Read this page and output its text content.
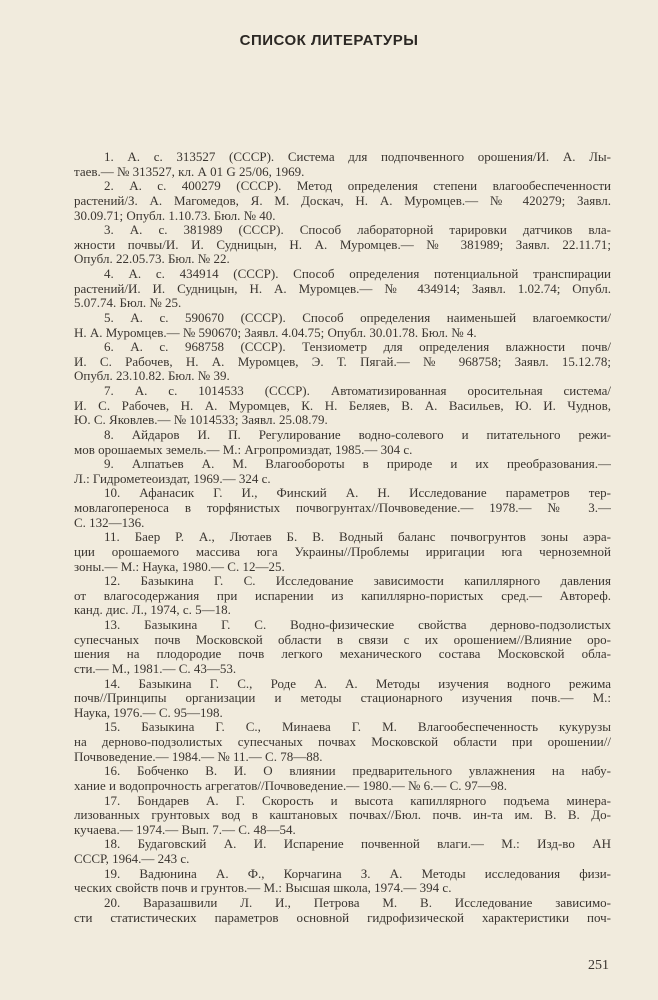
СПИСОК ЛИТЕРАТУРЫ
1. А. с. 313527 (СССР). Система для подпочвенного орошения/И. А. Лы-
таев.— № 313527, кл. А 01 G 25/06, 1969.
2. А. с. 400279 (СССР). Метод определения степени влагообеспеченности
растений/З. А. Магомедов, Я. М. Доскач, Н. А. Муромцев.— № 420279; Заявл.
30.09.71; Опубл. 1.10.73. Бюл. № 40.
3. А. с. 381989 (СССР). Способ лабораторной тарировки датчиков вла-
жности почвы/И. И. Судницын, Н. А. Муромцев.— № 381989; Заявл. 22.11.71;
Опубл. 22.05.73. Бюл. № 22.
4. А. с. 434914 (СССР). Способ определения потенциальной транспирации
растений/И. И. Судницын, Н. А. Муромцев.— № 434914; Заявл. 1.02.74; Опубл.
5.07.74. Бюл. № 25.
5. А. с. 590670 (СССР). Способ определения наименьшей влагоемкости/
Н. А. Муромцев.— № 590670; Заявл. 4.04.75; Опубл. 30.01.78. Бюл. № 4.
6. А. с. 968758 (СССР). Тензиометр для определения влажности почв/
И. С. Рабочев, Н. А. Муромцев, Э. Т. Пягай.— № 968758; Заявл. 15.12.78;
Опубл. 23.10.82. Бюл. № 39.
7. А. с. 1014533 (СССР). Автоматизированная оросительная система/
И. С. Рабочев, Н. А. Муромцев, К. Н. Беляев, В. А. Васильев, Ю. И. Чуднов,
Ю. С. Яковлев.— № 1014533; Заявл. 25.08.79.
8. Айдаров И. П. Регулирование водно-солевого и питательного режи-
мов орошаемых земель.— М.: Агропромиздат, 1985.— 304 с.
9. Алпатьев А. М. Влагообороты в природе и их преобразования.—
Л.: Гидрометеоиздат, 1969.— 324 с.
10. Афанасик Г. И., Финский А. Н. Исследование параметров тер-
мовлагопереноса в торфянистых почвогрунтах//Почвоведение.— 1978.— № 3.—
С. 132—136.
11. Баер Р. А., Лютаев Б. В. Водный баланс почвогрунтов зоны аэра-
ции орошаемого массива юга Украины//Проблемы ирригации юга черноземной
зоны.— М.: Наука, 1980.— С. 12—25.
12. Базыкина Г. С. Исследование зависимости капиллярного давления
от влагосодержания при испарении из капиллярно-пористых сред.— Автореф.
канд. дис. Л., 1974, с. 5—18.
13. Базыкина Г. С. Водно-физические свойства дерново-подзолистых
супесчаных почв Московской области в связи с их орошением//Влияние оро-
шения на плодородие почв легкого механического состава Московской обла-
сти.— М., 1981.— С. 43—53.
14. Базыкина Г. С., Роде А. А. Методы изучения водного режима
почв//Принципы организации и методы стационарного изучения почв.— М.:
Наука, 1976.— С. 95—198.
15. Базыкина Г. С., Минаева Г. М. Влагообеспеченность кукурузы
на дерново-подзолистых супесчаных почвах Московской области при орошении//
Почвоведение.— 1984.— № 11.— С. 78—88.
16. Бобченко В. И. О влиянии предварительного увлажнения на набу-
хание и водопрочность агрегатов//Почвоведение.— 1980.— № 6.— С. 97—98.
17. Бондарев А. Г. Скорость и высота капиллярного подъема минера-
лизованных грунтовых вод в каштановых почвах//Бюл. почв. ин-та им. В. В. До-
кучаева.— 1974.— Вып. 7.— С. 48—54.
18. Будаговский А. И. Испарение почвенной влаги.— М.: Изд-во АН
СССР, 1964.— 243 с.
19. Вадюнина А. Ф., Корчагина З. А. Методы исследования физи-
ческих свойств почв и грунтов.— М.: Высшая школа, 1974.— 394 с.
20. Варазашвили Л. И., Петрова М. В. Исследование зависимо-
сти статистических параметров основной гидрофизической характеристики поч-
251
